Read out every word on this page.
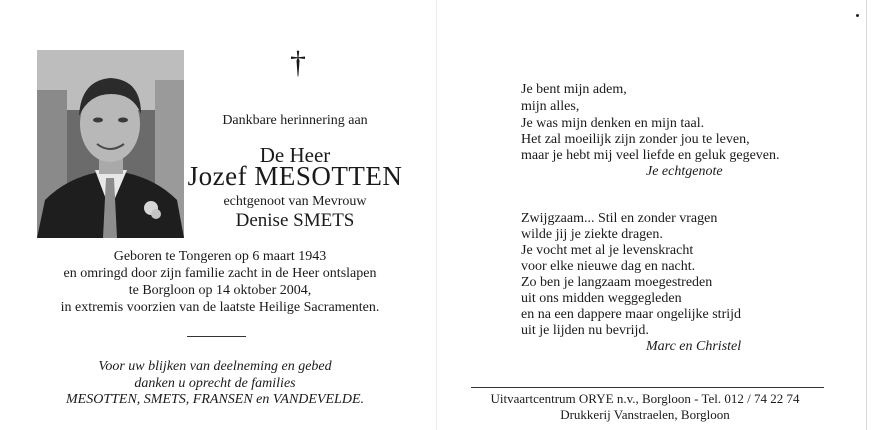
†
Dankbare herinnering aan
De Heer
Jozef MESOTTEN
echtgenoot van Mevrouw
Denise SMETS
Geboren te Tongeren op 6 maart 1943
en omringd door zijn familie zacht in de Heer ontslapen
te Borgloon op 14 oktober 2004,
in extremis voorzien van de laatste Heilige Sacramenten.
Voor uw blijken van deelneming en gebed
danken u oprecht de families
MESOTTEN, SMETS, FRANSEN en VANDEVELDE.
Je bent mijn adem,
mijn alles,
Je was mijn denken en mijn taal.
Het zal moeilijk zijn zonder jou te leven,
maar je hebt mij veel liefde en geluk gegeven.
Je echtgenote
Zwijgzaam... Stil en zonder vragen
wilde jij je ziekte dragen.
Je vocht met al je levenskracht
voor elke nieuwe dag en nacht.
Zo ben je langzaam moegestreden
uit ons midden weggegleden
en na een dappere maar ongelijke strijd
uit je lijden nu bevrijd.
Marc en Christel
Uitvaartcentrum ORYE n.v., Borgloon - Tel. 012 / 74 22 74
Drukkerij Vanstraelen, Borgloon
